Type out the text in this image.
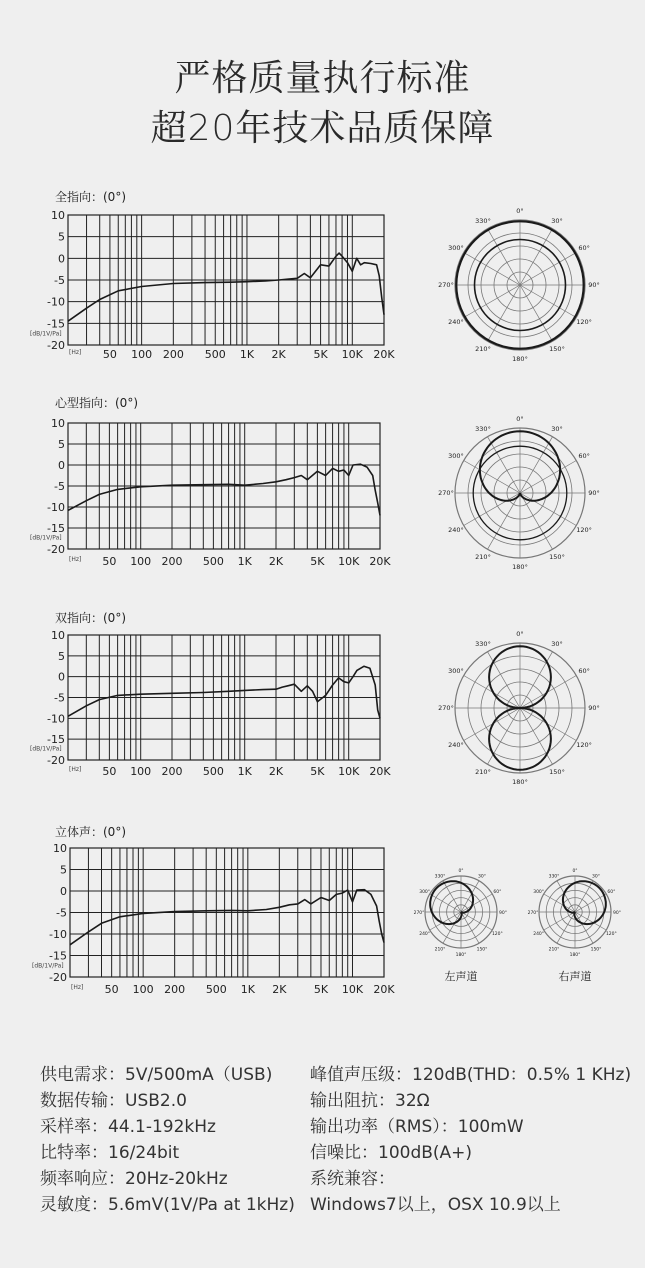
严格质量执行标准
超20年技术品质保障
全指向：(0°)
10
5
0
-5
-10
-15
-20
[dB/1V/Pa]
[Hz] 50 100 200 500 1K 2K	5K 10K 20K
0°
30°
60°
90°
120°
150°
180°
210°
240°
270°
300°
330°
心型指向：(0°)
10
5
0
-5
-10
-15
-20
[dB/1V/Pa]
[Hz] 50 100 200 500 1K 2K 5K 10K 20K
0°
30°
60°
90°
120°
150°
180°
210°
240°
270°
300°
330°
双指向：(0°)
10
5
0
-5
-10
-15
-20
[dB/1V/Pa]
[Hz] 50 100 200 500 1K 2K 5K 10K 20K
0°
30°
60°
90°
120°
150°
180°
210°
240°
270°
300°
330°
立体声：(0°)
10
5
0
-5
-10
-15
-20
[dB/1V/Pa]
[Hz] 50 100 200 500 1K 2K 5K 10K 20K
0°
30°
60°
90°
120°
150°
180°
210°
240°
270°
300°
330°
左声道
0°
30°
60°
90°
120°
150°
180°
210°
240°
270°
300°
330°
右声道
供电需求：5V/500mA（USB)
数据传输：USB2.0
采样率：44.1-192kHz
比特率：16/24bit
频率响应：20Hz-20kHz
灵敏度：5.6mV(1V/Pa at 1kHz)
峰值声压级：120dB(THD：0.5% 1 KHz)
输出阻抗：32Ω
输出功率（RMS）：100mW
信噪比：100dB(A+)
系统兼容：
Windows7以上，OSX 10.9以上
